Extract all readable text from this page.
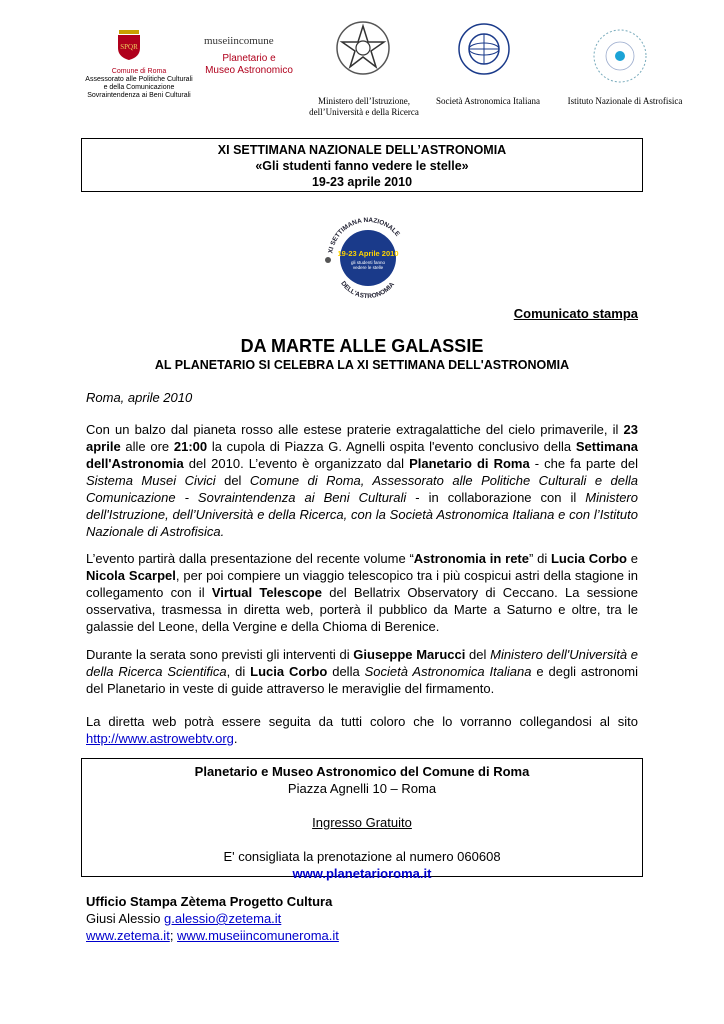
SPQR
Comune di Roma
Assessorato alle Politiche Culturali
e della Comunicazione
Sovraintendenza ai Beni Culturali
museiincomune
Planetario e
Museo Astronomico
Ministero dell’Istruzione,
dell’Università e della Ricerca
Società Astronomica Italiana	Istituto Nazionale di Astrofisica
XI SETTIMANA NAZIONALE DELL’ASTRONOMIA
«Gli studenti fanno vedere le stelle»
19-23 aprile 2010
XI SETTIMANA NAZIONALE
DELL'ASTRONOMIA
19-23 Aprile 2010
gli studenti fanno vedere le stelle
Comunicato stampa
DA MARTE ALLE GALASSIE
AL PLANETARIO SI CELEBRA LA XI SETTIMANA DELL'ASTRONOMIA
Roma, aprile 2010
Con un balzo dal pianeta rosso alle estese praterie extragalattiche del cielo primaverile, il 23 aprile alle ore 21:00 la cupola di Piazza G. Agnelli ospita l'evento conclusivo della Settimana dell'Astronomia del 2010. L’evento è organizzato dal Planetario di Roma - che fa parte del Sistema Musei Civici del Comune di Roma, Assessorato alle Politiche Culturali e della Comunicazione - Sovraintendenza ai Beni Culturali - in collaborazione con il Ministero dell'Istruzione, dell’Università e della Ricerca, con la Società Astronomica Italiana e con l’Istituto Nazionale di Astrofisica.
L’evento partirà dalla presentazione del recente volume “Astronomia in rete” di Lucia Corbo e Nicola Scarpel, per poi compiere un viaggio telescopico tra i più cospicui astri della stagione in collegamento con il Virtual Telescope del Bellatrix Observatory di Ceccano. La sessione osservativa, trasmessa in diretta web, porterà il pubblico da Marte a Saturno e oltre, tra le galassie del Leone, della Vergine e della Chioma di Berenice.
Durante la serata sono previsti gli interventi di Giuseppe Marucci del Ministero dell'Università e della Ricerca Scientifica, di Lucia Corbo della Società Astronomica Italiana e degli astronomi del Planetario in veste di guide attraverso le meraviglie del firmamento.
La diretta web potrà essere seguita da tutti coloro che lo vorranno collegandosi al sito http://www.astrowebtv.org.
Planetario e Museo Astronomico del Comune di Roma
Piazza Agnelli 10 – Roma
Ingresso Gratuito
E' consigliata la prenotazione al numero 060608
www.planetarioroma.it
Ufficio Stampa Zètema Progetto Cultura
Giusi Alessio g.alessio@zetema.it
www.zetema.it; www.museiincomuneroma.it
